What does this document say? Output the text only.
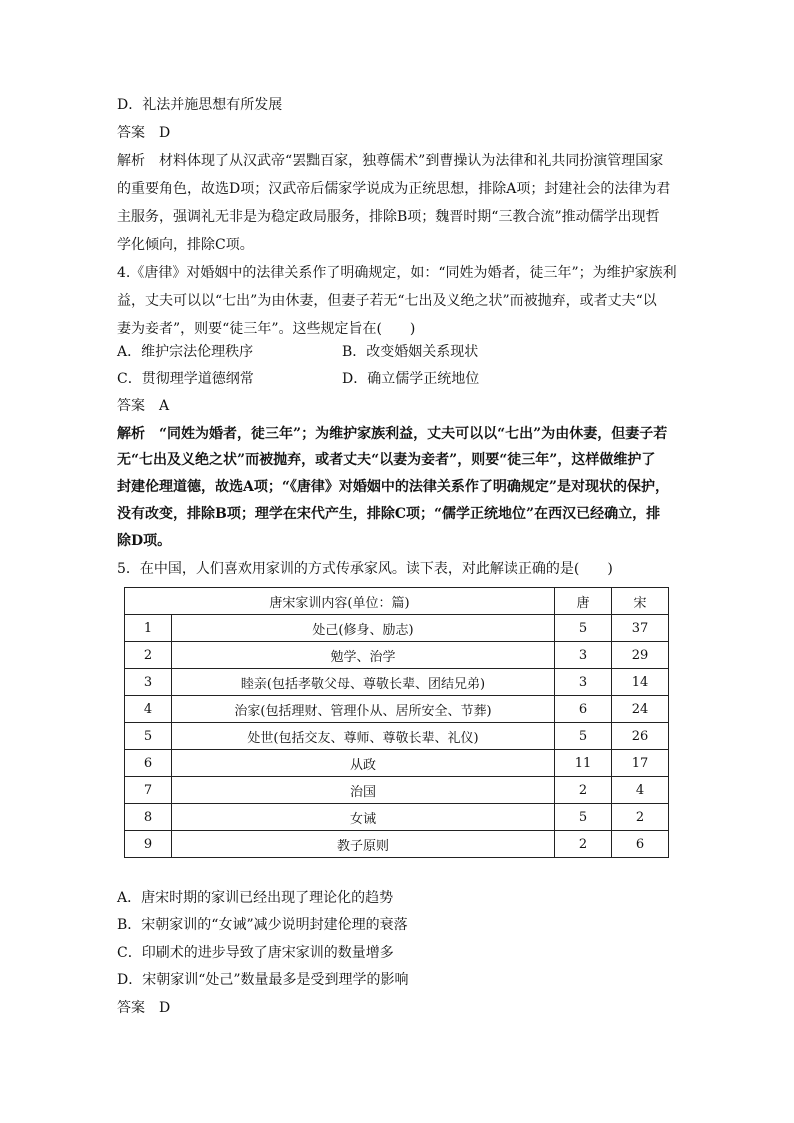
D．礼法并施思想有所发展
答案　D
解析　材料体现了从汉武帝“罢黜百家，独尊儒术”到曹操认为法律和礼共同扮演管理国家
的重要角色，故选D项；汉武帝后儒家学说成为正统思想，排除A项；封建社会的法律为君
主服务，强调礼无非是为稳定政局服务，排除B项；魏晋时期“三教合流”推动儒学出现哲
学化倾向，排除C项。
4.《唐律》对婚姻中的法律关系作了明确规定，如：“同姓为婚者，徒三年”；为维护家族利
益，丈夫可以以“七出”为由休妻，但妻子若无“七出及义绝之状”而被抛弃，或者丈夫“以
妻为妾者”，则要“徒三年”。这些规定旨在(　　)
A．维护宗法伦理秩序	B．改变婚姻关系现状
C．贯彻理学道德纲常	D．确立儒学正统地位
答案　A
解析　“同姓为婚者，徒三年”；为维护家族利益，丈夫可以以“七出”为由休妻，但妻子若
无“七出及义绝之状”而被抛弃，或者丈夫“以妻为妾者”，则要“徒三年”，这样做维护了
封建伦理道德，故选A项；“《唐律》对婚姻中的法律关系作了明确规定”是对现状的保护，
没有改变，排除B项；理学在宋代产生，排除C项；“儒学正统地位”在西汉已经确立，排
除D项。
5．在中国，人们喜欢用家训的方式传承家风。读下表，对此解读正确的是(　　)
唐宋家训内容(单位：篇)		唐	宋
1	处己(修身、励志)	5	37
2	勉学、治学	3	29
3	睦亲(包括孝敬父母、尊敬长辈、团结兄弟)	3	14
4	治家(包括理财、管理仆从、居所安全、节葬)	6	24
5	处世(包括交友、尊师、尊敬长辈、礼仪)	5	26
6	从政	11	17
7	治国	2	4
8	女诫	5	2
9	教子原则	2	6
A．唐宋时期的家训已经出现了理论化的趋势
B．宋朝家训的“女诫”减少说明封建伦理的衰落
C．印刷术的进步导致了唐宋家训的数量增多
D．宋朝家训“处己”数量最多是受到理学的影响
答案　D
